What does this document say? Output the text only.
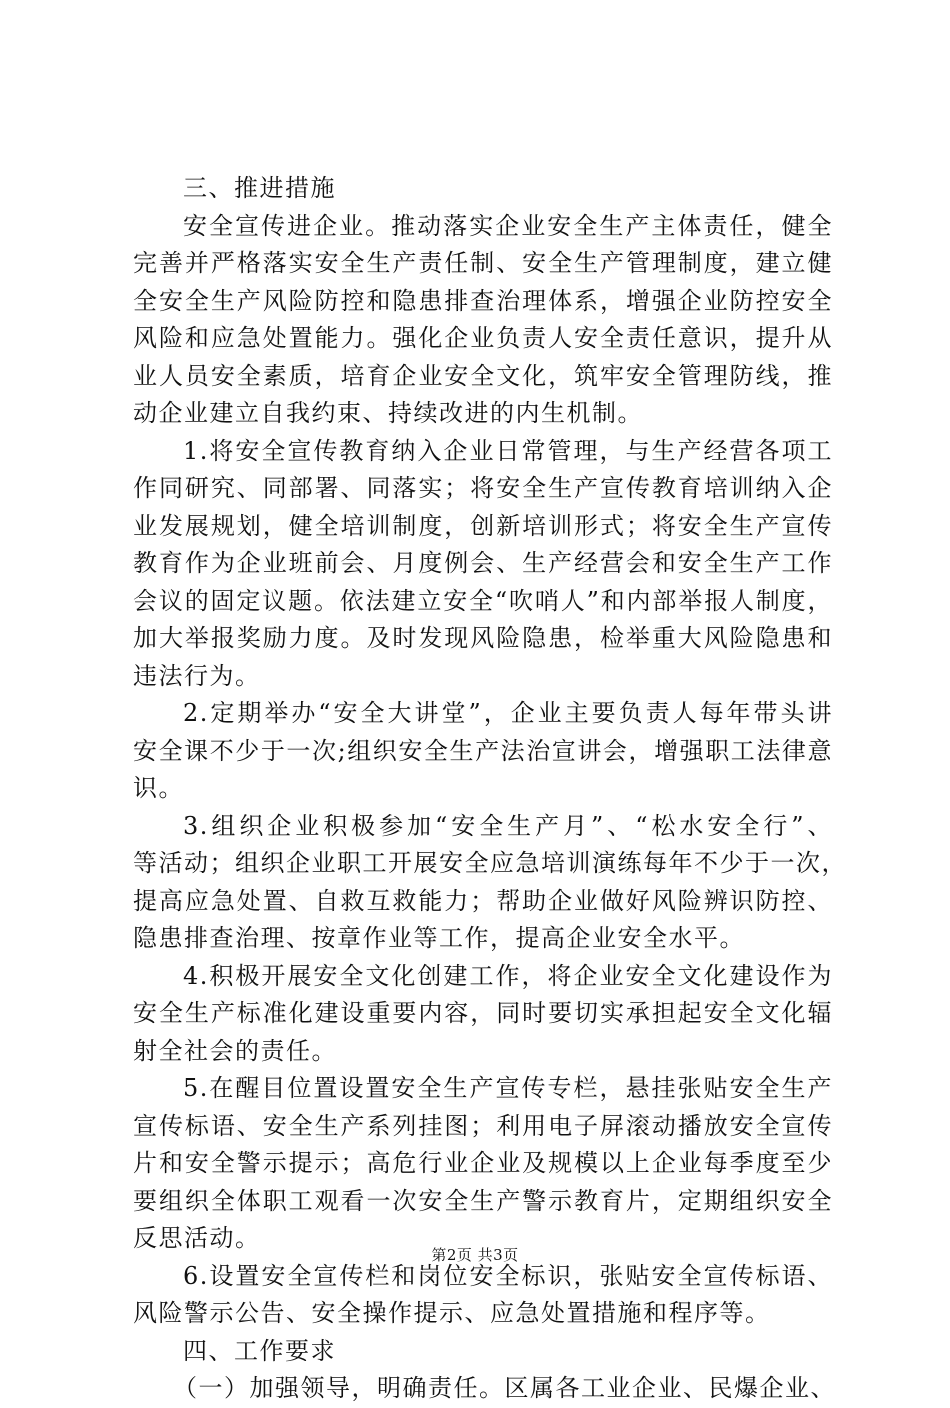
三、推进措施
安全宣传进企业。推动落实企业安全生产主体责任，健全
完善并严格落实安全生产责任制、安全生产管理制度，建立健
全安全生产风险防控和隐患排查治理体系，增强企业防控安全
风险和应急处置能力。强化企业负责人安全责任意识，提升从
业人员安全素质，培育企业安全文化，筑牢安全管理防线，推
动企业建立自我约束、持续改进的内生机制。
1.将安全宣传教育纳入企业日常管理，与生产经营各项工
作同研究、同部署、同落实；将安全生产宣传教育培训纳入企
业发展规划，健全培训制度，创新培训形式；将安全生产宣传
教育作为企业班前会、月度例会、生产经营会和安全生产工作
会议的固定议题。依法建立安全“吹哨人”和内部举报人制度，
加大举报奖励力度。及时发现风险隐患，检举重大风险隐患和
违法行为。
2.定期举办“安全大讲堂”，企业主要负责人每年带头讲
安全课不少于一次;组织安全生产法治宣讲会，增强职工法律意
识。
3.组织企业积极参加“安全生产月”、“松水安全行”、
等活动；组织企业职工开展安全应急培训演练每年不少于一次，
提高应急处置、自救互救能力；帮助企业做好风险辨识防控、
隐患排查治理、按章作业等工作，提高企业安全水平。
4.积极开展安全文化创建工作，将企业安全文化建设作为
安全生产标准化建设重要内容，同时要切实承担起安全文化辐
射全社会的责任。
5.在醒目位置设置安全生产宣传专栏，悬挂张贴安全生产
宣传标语、安全生产系列挂图；利用电子屏滚动播放安全宣传
片和安全警示提示；高危行业企业及规模以上企业每季度至少
要组织全体职工观看一次安全生产警示教育片，定期组织安全
反思活动。
6.设置安全宣传栏和岗位安全标识，张贴安全宣传标语、
风险警示公告、安全操作提示、应急处置措施和程序等。
四、工作要求
（一）加强领导，明确责任。区属各工业企业、民爆企业、
第2页 共3页
